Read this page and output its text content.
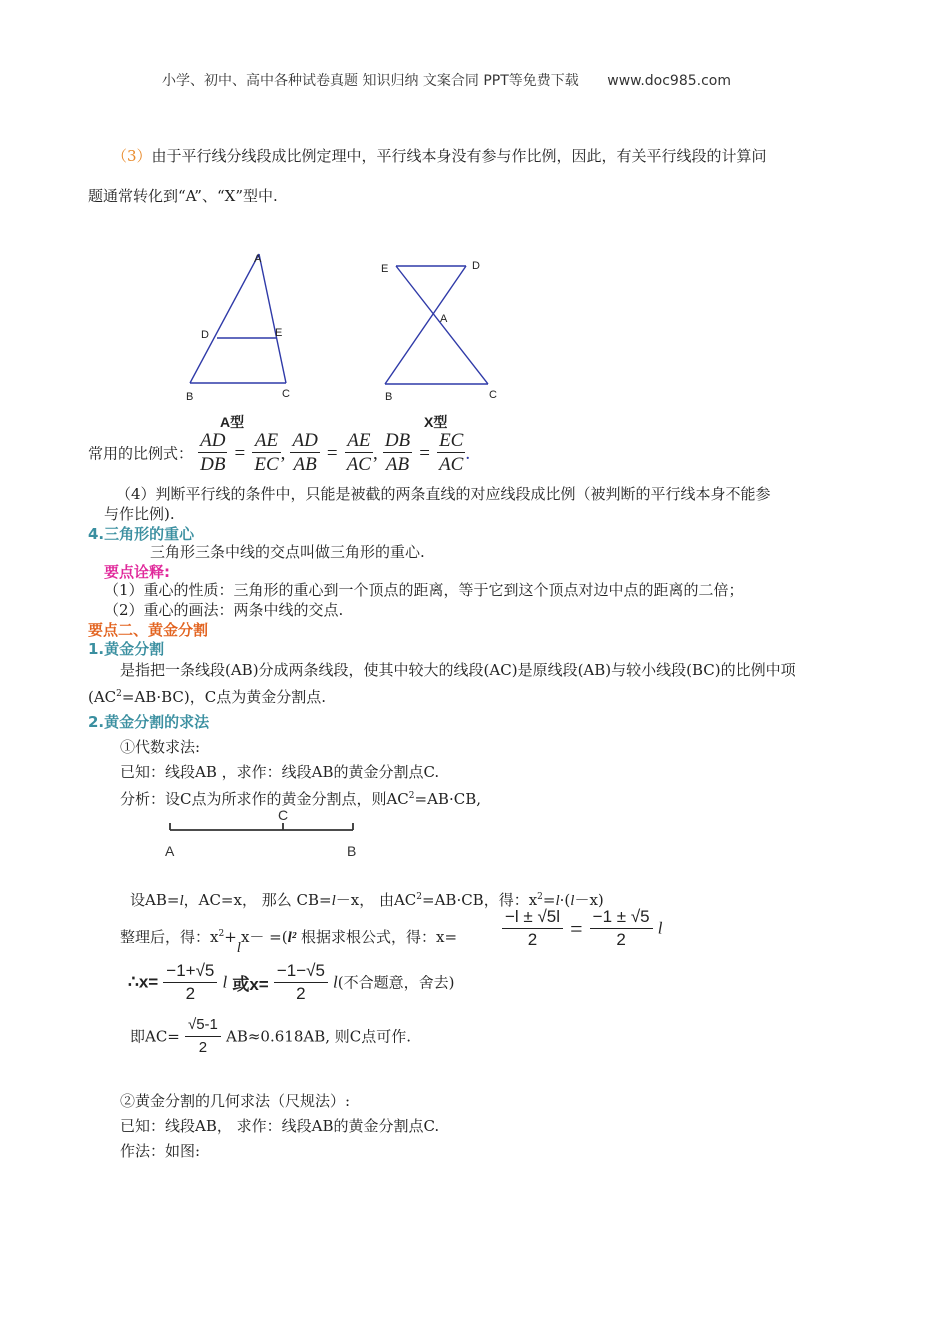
小学、初中、高中各种试卷真题 知识归纳 文案合同 PPT等免费下载 www.doc985.com
（3）由于平行线分线段成比例定理中，平行线本身没有参与作比例，因此，有关平行线段的计算问
题通常转化到“A”、“X”型中.
A
D	E
B	C
A型
E	D
A
B	C
X型
常用的比例式： $\frac{AD}{DB} = \frac{AE}{EC}$ , $\frac{AD}{AB} = \frac{AE}{AC}$ , $\frac{DB}{AB} = \frac{EC}{AC}$ .
（4）判断平行线的条件中，只能是被截的两条直线的对应线段成比例（被判断的平行线本身不能参
与作比例).
4.三角形的重心
三角形三条中线的交点叫做三角形的重心.
要点诠释:
（1）重心的性质：三角形的重心到一个顶点的距离，等于它到这个顶点对边中点的距离的二倍；
（2）重心的画法：两条中线的交点.
要点二、黄金分割
1.黄金分割
是指把一条线段(AB)分成两条线段，使其中较大的线段(AC)是原线段(AB)与较小线段(BC)的比例中项
$(AC^2=AB\cdot BC)$，C点为黄金分割点.
2.黄金分割的求法
①代数求法:
已知：线段AB ，求作：线段AB的黄金分割点C.
分析：设C点为所求作的黄金分割点，则$AC^2=AB\cdot CB$,
C
A	B
设AB=l，AC=x， 那么 CB=l－x， 由$AC^2=AB\cdot CB$，得：$x^2=l\cdot(l-x)$
整理后，得：$x^2+lx- =(l^2$ 根据求根公式，得：x=	$\frac{-l \pm √5l}{2} = \frac{-1 \pm √5}{2}$ l
∴x= $\frac{-1+√5}{2}$ l 或$x= \frac{-1-√5}{2} l$(不合题意，舍去)
即$AC= \frac{√5-1}{2} AB\approx 0.618AB$, 则C点可作.
②黄金分割的几何求法（尺规法）:
已知：线段AB， 求作：线段AB的黄金分割点C.
作法：如图:
